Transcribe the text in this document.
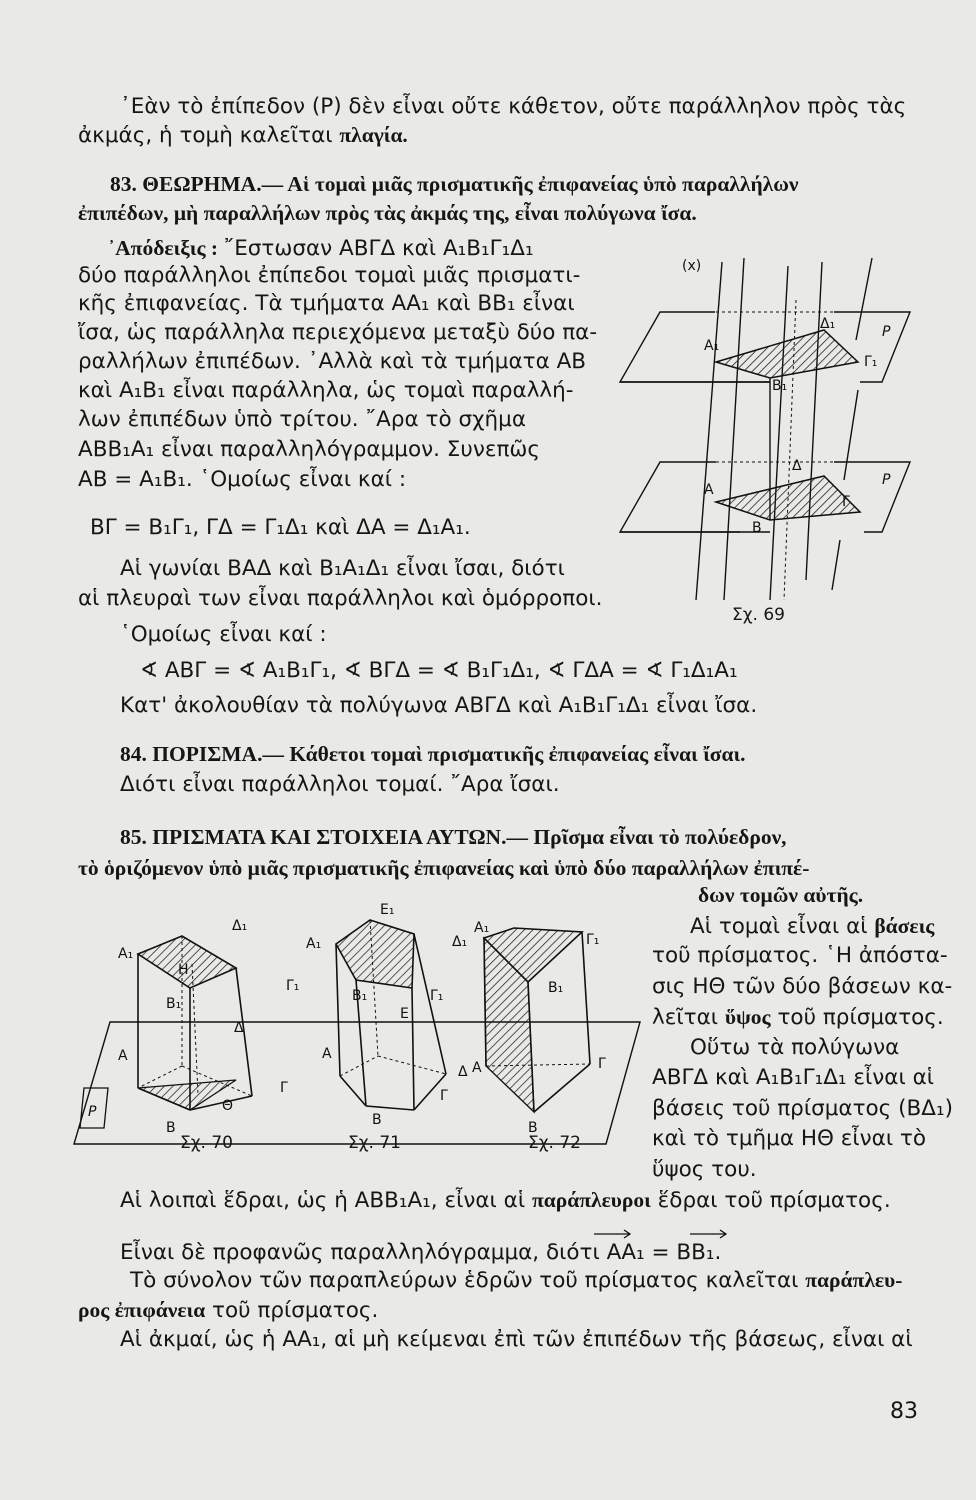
᾿Εὰν τὸ ἐπίπεδον (Ρ) δὲν εἶναι οὔτε κάθετον, οὔτε παράλληλον πρὸς τὰς
ἀκμάς, ἡ τομὴ καλεῖται πλαγία.
83. ΘΕΩΡΗΜΑ.— Αἱ τομαὶ μιᾶς πρισματικῆς ἐπιφανείας ὑπὸ παραλλήλων
ἐπιπέδων, μὴ παραλλήλων πρὸς τὰς ἀκμάς της, εἶναι πολύγωνα ἴσα.
᾿Απόδειξις : ῎Εστωσαν ΑΒΓΔ καὶ Α₁Β₁Γ₁Δ₁
δύο παράλληλοι ἐπίπεδοι τομαὶ μιᾶς πρισματι-
κῆς ἐπιφανείας. Τὰ τμήματα ΑΑ₁ καὶ ΒΒ₁ εἶναι
ἴσα, ὡς παράλληλα περιεχόμενα μεταξὺ δύο πα-
ραλλήλων ἐπιπέδων. ᾿Αλλὰ καὶ τὰ τμήματα ΑΒ
καὶ Α₁Β₁ εἶναι παράλληλα, ὡς τομαὶ παραλλή-
λων ἐπιπέδων ὑπὸ τρίτου. ῎Αρα τὸ σχῆμα
ΑΒΒ₁Α₁ εἶναι παραλληλόγραμμον. Συνεπῶς
ΑΒ = Α₁Β₁. ῾Ομοίως εἶναι καί :
ΒΓ = Β₁Γ₁, ΓΔ = Γ₁Δ₁ καὶ ΔΑ = Δ₁Α₁.
Αἱ γωνίαι ΒΑΔ καὶ Β₁Α₁Δ₁ εἶναι ἴσαι, διότι
αἱ πλευραὶ των εἶναι παράλληλοι καὶ ὁμόρροποι.
῾Ομοίως εἶναι καί :
∢ ΑΒΓ = ∢ Α₁Β₁Γ₁, ∢ ΒΓΔ = ∢ Β₁Γ₁Δ₁, ∢ ΓΔΑ = ∢ Γ₁Δ₁Α₁
Κατ' ἀκολουθίαν τὰ πολύγωνα ΑΒΓΔ καὶ Α₁Β₁Γ₁Δ₁ εἶναι ἴσα.
84. ΠΟΡΙΣΜΑ.— Κάθετοι τομαὶ πρισματικῆς ἐπιφανείας εἶναι ἴσαι.
Διότι εἶναι παράλληλοι τομαί. ῎Αρα ἴσαι.
85. ΠΡΙΣΜΑΤΑ ΚΑΙ ΣΤΟΙΧΕΙΑ ΑΥΤΩΝ.— Πρῖσμα εἶναι τὸ πολύεδρον,
τὸ ὁριζόμενον ὑπὸ μιᾶς πρισματικῆς ἐπιφανείας καὶ ὑπὸ δύο παραλλήλων ἐπιπέ-
δων τομῶν αὐτῆς.
Αἱ τομαὶ εἶναι αἱ βάσεις
τοῦ πρίσματος. ῾Η ἀπόστα-
σις ΗΘ τῶν δύο βάσεων κα-
λεῖται ὕψος τοῦ πρίσματος.
Οὕτω τὰ πολύγωνα
ΑΒΓΔ καὶ Α₁Β₁Γ₁Δ₁ εἶναι αἱ
βάσεις τοῦ πρίσματος (ΒΔ₁)
καὶ τὸ τμῆμα ΗΘ εἶναι τὸ
ὕψος του.
Αἱ λοιπαὶ ἕδραι, ὡς ἡ ΑΒΒ₁Α₁, εἶναι αἱ παράπλευροι ἕδραι τοῦ πρίσματος.
Εἶναι δὲ προφανῶς παραλληλόγραμμα, διότι ΑΑ₁ = ΒΒ₁.
Τὸ σύνολον τῶν παραπλεύρων ἑδρῶν τοῦ πρίσματος καλεῖται παράπλευ-
ρος ἐπιφάνεια τοῦ πρίσματος.
Αἱ ἀκμαί, ὡς ἡ ΑΑ₁, αἱ μὴ κείμεναι ἐπὶ τῶν ἐπιπέδων τῆς βάσεως, εἶναι αἱ
83
(x)
P
P
Α₁
Β₁
Γ₁
Δ₁
Α
Β
Γ
Δ
Σχ. 69
P
Α₁
Δ₁
Η
Β₁
Γ₁
Α
Δ
Θ
Β
Γ
Ε₁
Α₁	Δ₁
Β₁	Γ₁
Ε
Α
Δ
Β
Γ
Α₁
Γ₁
Β₁
Α	Γ
Β
Σχ. 70	Σχ. 71	Σχ. 72
